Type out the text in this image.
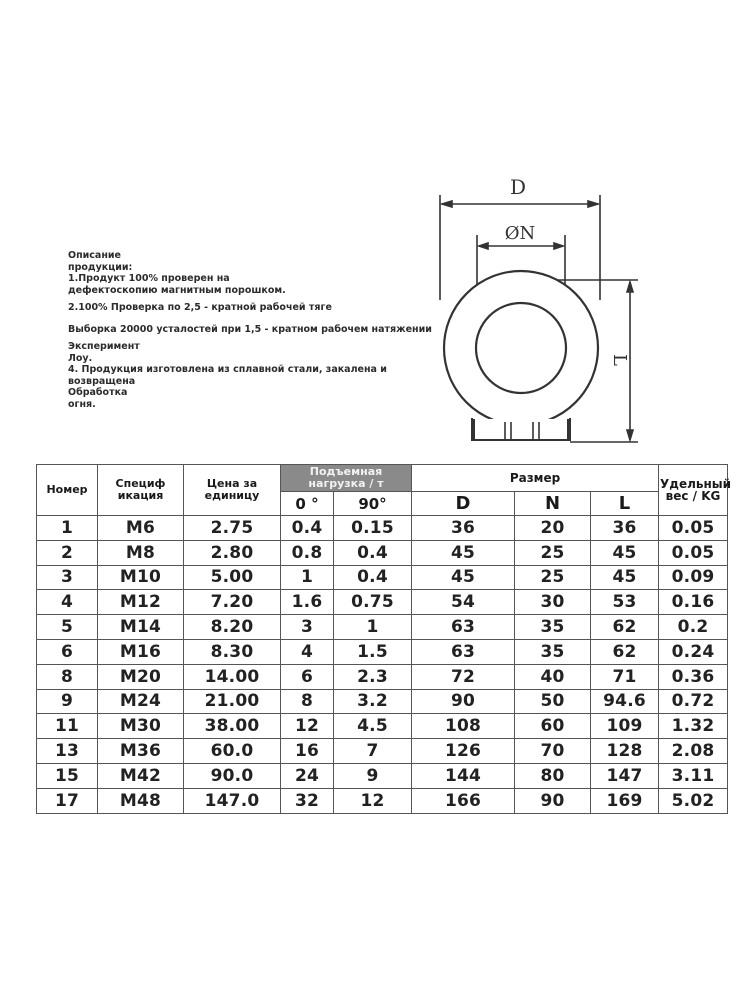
Описание
продукции:
1.Продукт 100% проверен на
дефектоскопию магнитным порошком.
2.100% Проверка по 2,5 - кратной рабочей тяге
Выборка 20000 усталостей при 1,5 - кратном рабочем натяжении
Эксперимент
Лоу.
4. Продукция изготовлена из сплавной стали, закалена и
возвращена
Обработка
огня.
D
ØN
L
Номер	Специф икация	Цена за единицу	Подъемная нагрузка / т		Размер			Удельный вес / KG
			0 °	90°	D	N	L	
1	M6	2.75	0.4	0.15	36	20	36	0.05
2	M8	2.80	0.8	0.4	45	25	45	0.05
3	M10	5.00	1	0.4	45	25	45	0.09
4	M12	7.20	1.6	0.75	54	30	53	0.16
5	M14	8.20	3	1	63	35	62	0.2
6	M16	8.30	4	1.5	63	35	62	0.24
8	M20	14.00	6	2.3	72	40	71	0.36
9	M24	21.00	8	3.2	90	50	94.6	0.72
11	M30	38.00	12	4.5	108	60	109	1.32
13	M36	60.0	16	7	126	70	128	2.08
15	M42	90.0	24	9	144	80	147	3.11
17	M48	147.0	32	12	166	90	169	5.02
